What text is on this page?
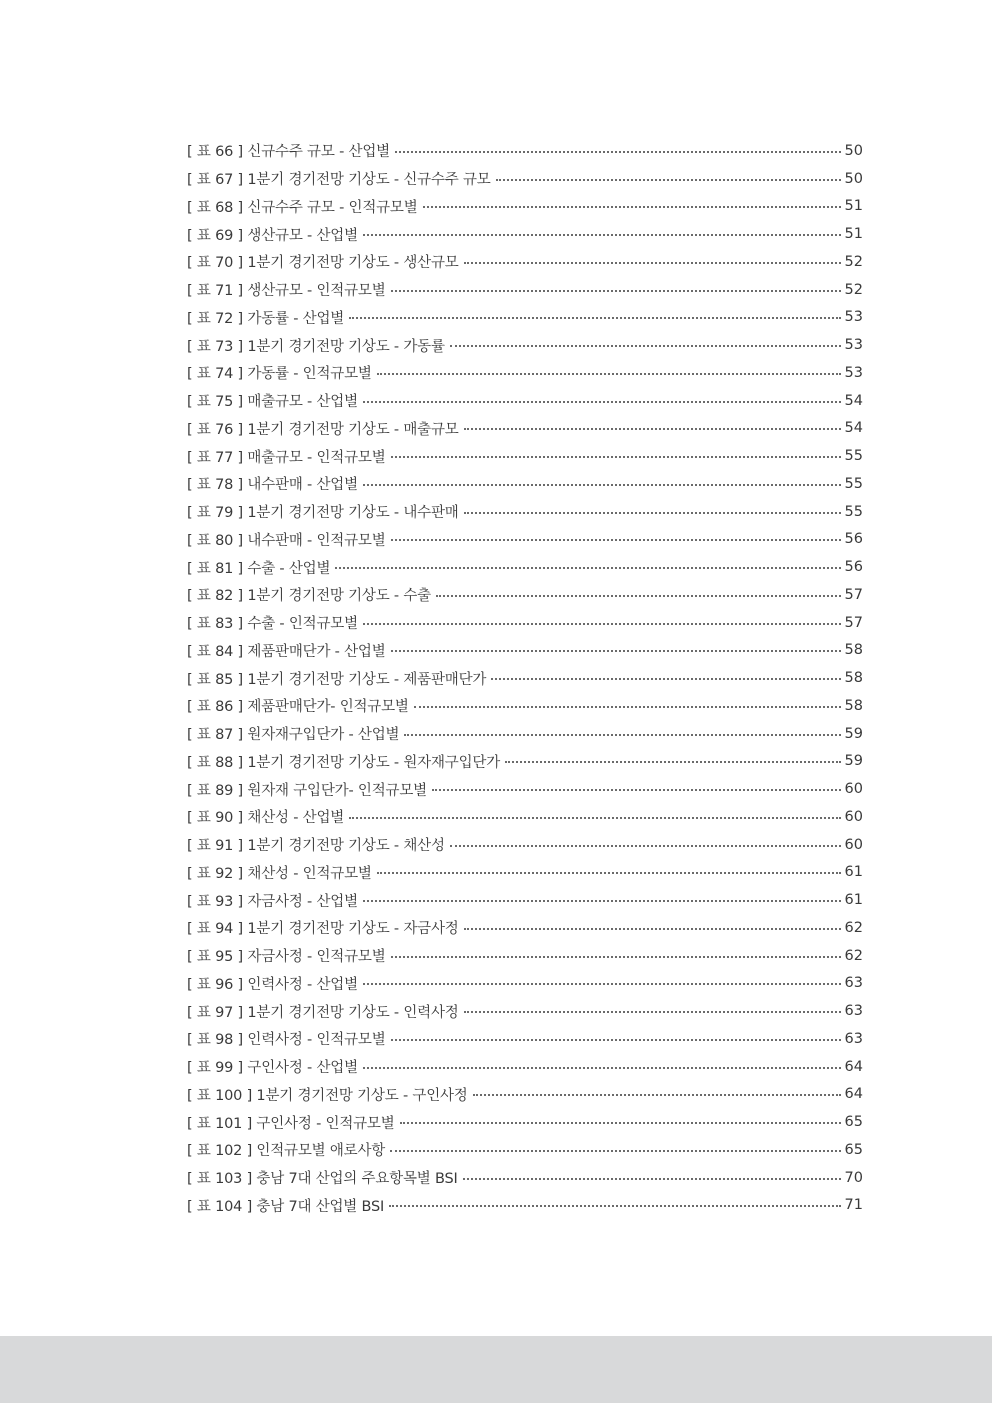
[ 표 66 ] 신규수주 규모 - 산업별	50
[ 표 67 ] 1분기 경기전망 기상도 - 신규수주 규모	50
[ 표 68 ] 신규수주 규모 - 인적규모별	51
[ 표 69 ] 생산규모 - 산업별	51
[ 표 70 ] 1분기 경기전망 기상도 - 생산규모	52
[ 표 71 ] 생산규모 - 인적규모별	52
[ 표 72 ] 가동률 - 산업별	53
[ 표 73 ] 1분기 경기전망 기상도 - 가동률	53
[ 표 74 ] 가동률 - 인적규모별	53
[ 표 75 ] 매출규모 - 산업별	54
[ 표 76 ] 1분기 경기전망 기상도 - 매출규모	54
[ 표 77 ] 매출규모 - 인적규모별	55
[ 표 78 ] 내수판매 - 산업별	55
[ 표 79 ] 1분기 경기전망 기상도 - 내수판매	55
[ 표 80 ] 내수판매 - 인적규모별	56
[ 표 81 ] 수출 - 산업별	56
[ 표 82 ] 1분기 경기전망 기상도 - 수출	57
[ 표 83 ] 수출 - 인적규모별	57
[ 표 84 ] 제품판매단가 - 산업별	58
[ 표 85 ] 1분기 경기전망 기상도 - 제품판매단가	58
[ 표 86 ] 제품판매단가- 인적규모별	58
[ 표 87 ] 원자재구입단가 - 산업별	59
[ 표 88 ] 1분기 경기전망 기상도 - 원자재구입단가	59
[ 표 89 ] 원자재 구입단가- 인적규모별	60
[ 표 90 ] 채산성 - 산업별	60
[ 표 91 ] 1분기 경기전망 기상도 - 채산성	60
[ 표 92 ] 채산성 - 인적규모별	61
[ 표 93 ] 자금사정 - 산업별	61
[ 표 94 ] 1분기 경기전망 기상도 - 자금사정	62
[ 표 95 ] 자금사정 - 인적규모별	62
[ 표 96 ] 인력사정 - 산업별	63
[ 표 97 ] 1분기 경기전망 기상도 - 인력사정	63
[ 표 98 ] 인력사정 - 인적규모별	63
[ 표 99 ] 구인사정 - 산업별	64
[ 표 100 ] 1분기 경기전망 기상도 - 구인사정	64
[ 표 101 ] 구인사정 - 인적규모별	65
[ 표 102 ] 인적규모별 애로사항	65
[ 표 103 ] 충남 7대 산업의 주요항목별 BSI	70
[ 표 104 ] 충남 7대 산업별 BSI	71
